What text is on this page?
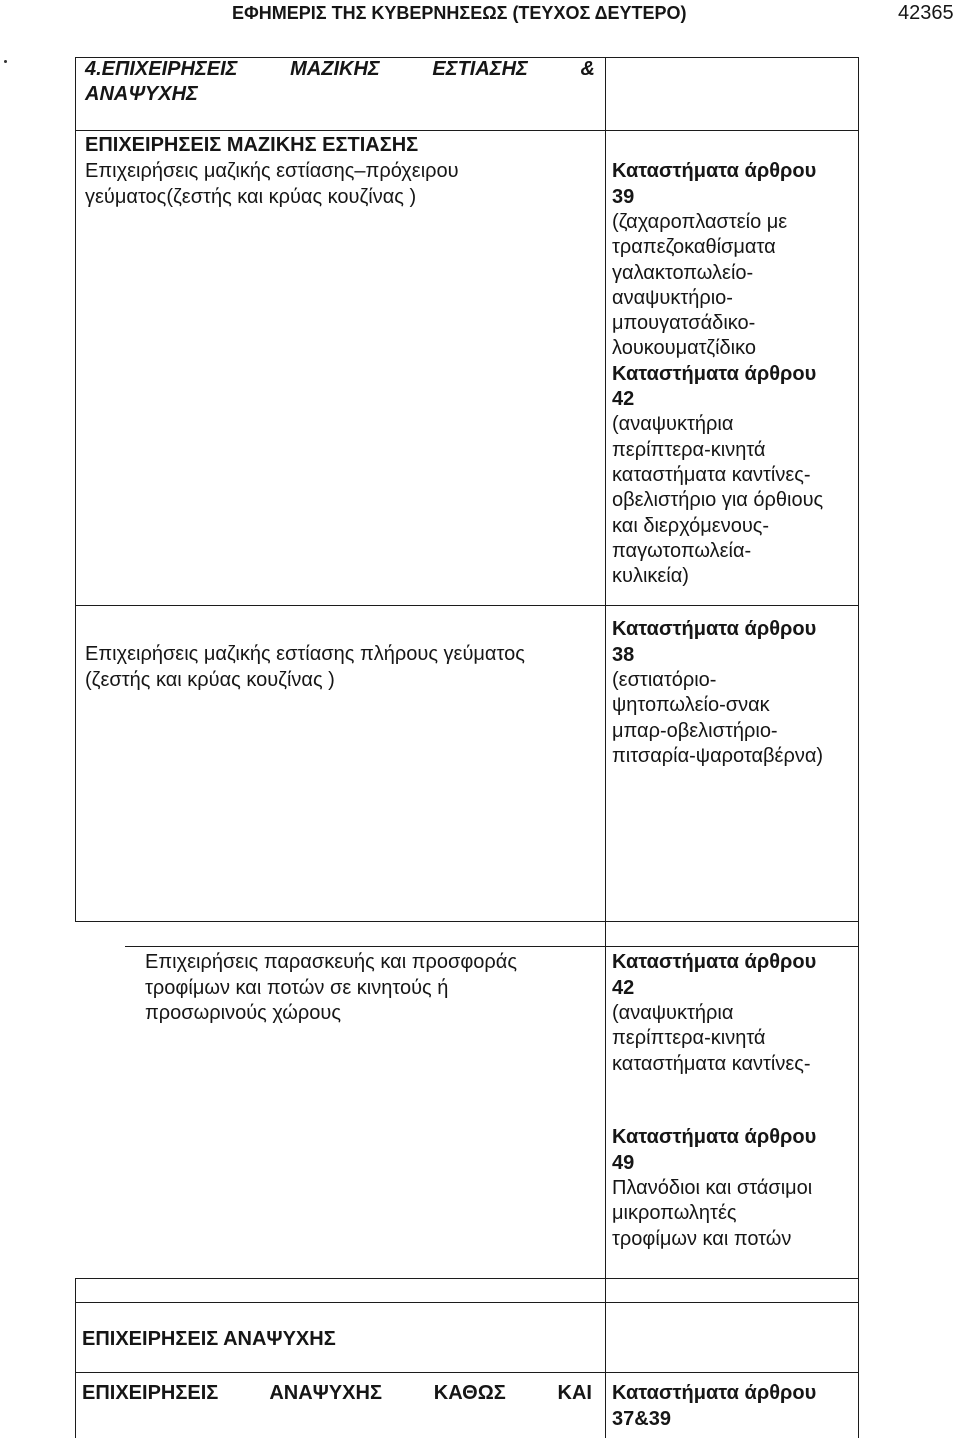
ΕΦΗΜΕΡΙΣ ΤΗΣ ΚΥΒΕΡΝΗΣΕΩΣ (ΤΕΥΧΟΣ ΔΕΥΤΕΡΟ)	42365
4.ΕΠΙΧΕΙΡΗΣΕΙΣ ΜΑΖΙΚΗΣ ΕΣΤΙΑΣΗΣ &
ΑΝΑΨΥΧΗΣ
ΕΠΙΧΕΙΡΗΣΕΙΣ ΜΑΖΙΚΗΣ ΕΣΤΙΑΣΗΣ
Επιχειρήσεις μαζικής εστίασης–πρόχειρου
γεύματος(ζεστής και κρύας κουζίνας )
Καταστήματα άρθρου
39
(ζαχαροπλαστείο με
τραπεζοκαθίσματα
γαλακτοπωλείο-
αναψυκτήριο-
μπουγατσάδικο-
λουκουματζίδικο
Καταστήματα άρθρου
42
(αναψυκτήρια
περίπτερα-κινητά
καταστήματα καντίνες-
οβελιστήριο για όρθιους
και διερχόμενους-
παγωτοπωλεία-
κυλικεία)
Επιχειρήσεις μαζικής εστίασης πλήρους γεύματος
(ζεστής και κρύας κουζίνας )
Καταστήματα άρθρου
38
(εστιατόριο-
ψητοπωλείο-σνακ
μπαρ-οβελιστήριο-
πιτσαρία-ψαροταβέρνα)
Επιχειρήσεις παρασκευής και προσφοράς
τροφίμων και ποτών σε κινητούς ή
προσωρινούς χώρους
Καταστήματα άρθρου
42
(αναψυκτήρια
περίπτερα-κινητά
καταστήματα καντίνες-
Καταστήματα άρθρου
49
Πλανόδιοι και στάσιμοι
μικροπωλητές
τροφίμων και ποτών
ΕΠΙΧΕΙΡΗΣΕΙΣ ΑΝΑΨΥΧΗΣ
ΕΠΙΧΕΙΡΗΣΕΙΣ ΑΝΑΨΥΧΗΣ ΚΑΘΩΣ ΚΑΙ Καταστήματα άρθρου
37&39
